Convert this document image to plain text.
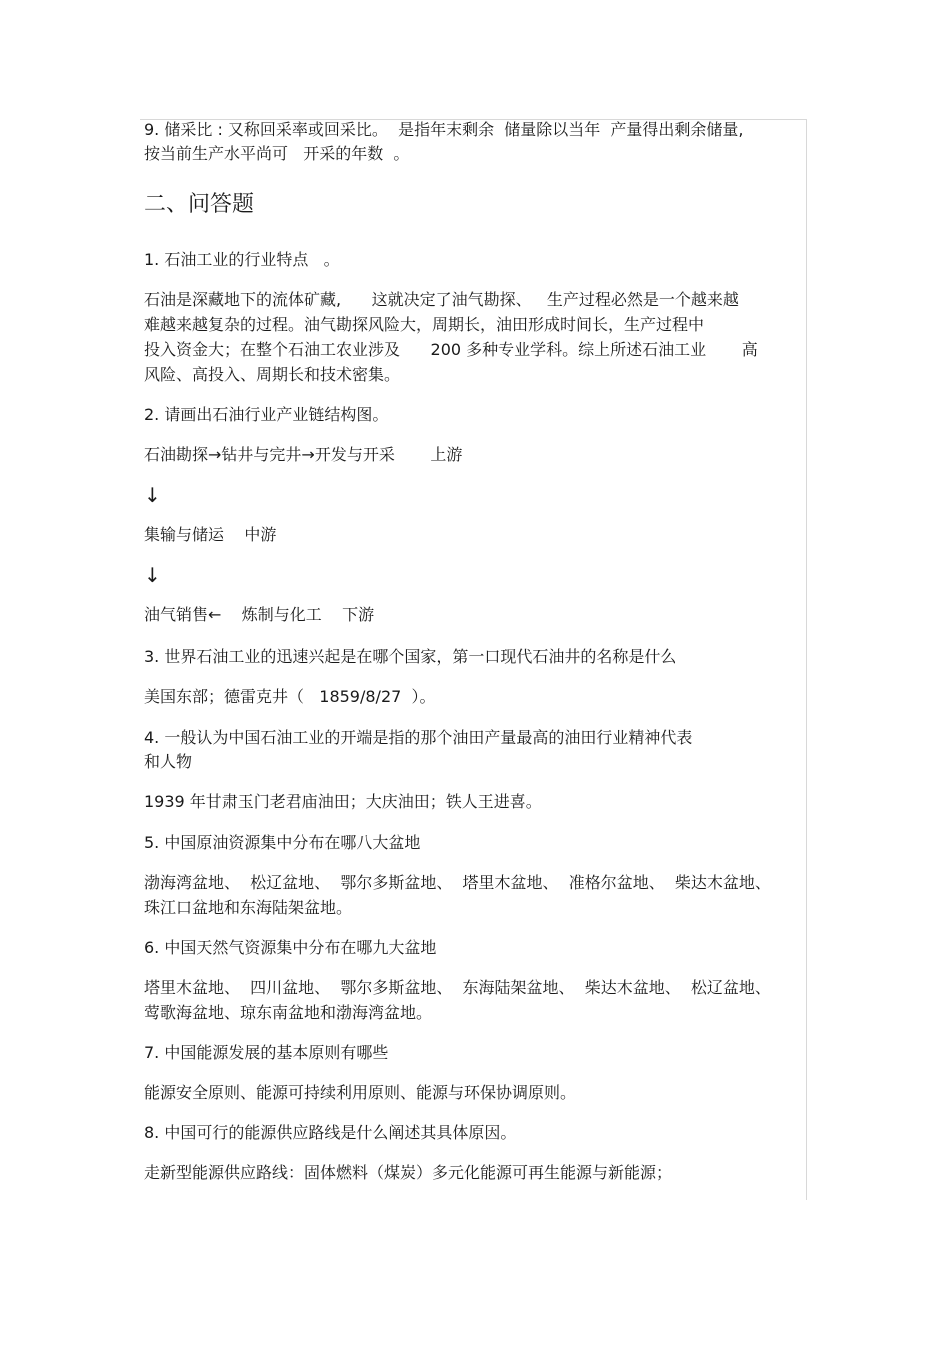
9. 储采比 : 又称回采率或回采比。  是指年末剩余  储量除以当年  产量得出剩余储量,
按当前生产水平尚可   开采的年数  。
二、问答题
1. 石油工业的行业特点   。
石油是深藏地下的流体矿藏,      这就决定了油气勘探、   生产过程必然是一个越来越
难越来越复杂的过程。油气勘探风险大，周期长，油田形成时间长，生产过程中
投入资金大；在整个石油工农业涉及      200 多种专业学科。综上所述石油工业       高
风险、高投入、周期长和技术密集。
2. 请画出石油行业产业链结构图。
石油勘探→钻井与完井→开发与开采       上游
↓
集输与储运    中游
↓
油气销售←    炼制与化工    下游
3. 世界石油工业的迅速兴起是在哪个国家，第一口现代石油井的名称是什么
美国东部；德雷克井（   1859/8/27  ）。
4. 一般认为中国石油工业的开端是指的那个油田产量最高的油田行业精神代表
和人物
1939 年甘肃玉门老君庙油田；大庆油田；铁人王进喜。
5. 中国原油资源集中分布在哪八大盆地
渤海湾盆地、  松辽盆地、  鄂尔多斯盆地、  塔里木盆地、  准格尔盆地、  柴达木盆地、
珠江口盆地和东海陆架盆地。
6. 中国天然气资源集中分布在哪九大盆地
塔里木盆地、  四川盆地、  鄂尔多斯盆地、  东海陆架盆地、  柴达木盆地、  松辽盆地、
莺歌海盆地、琼东南盆地和渤海湾盆地。
7. 中国能源发展的基本原则有哪些
能源安全原则、能源可持续利用原则、能源与环保协调原则。
8. 中国可行的能源供应路线是什么阐述其具体原因。
走新型能源供应路线：固体燃料（煤炭）多元化能源可再生能源与新能源；
